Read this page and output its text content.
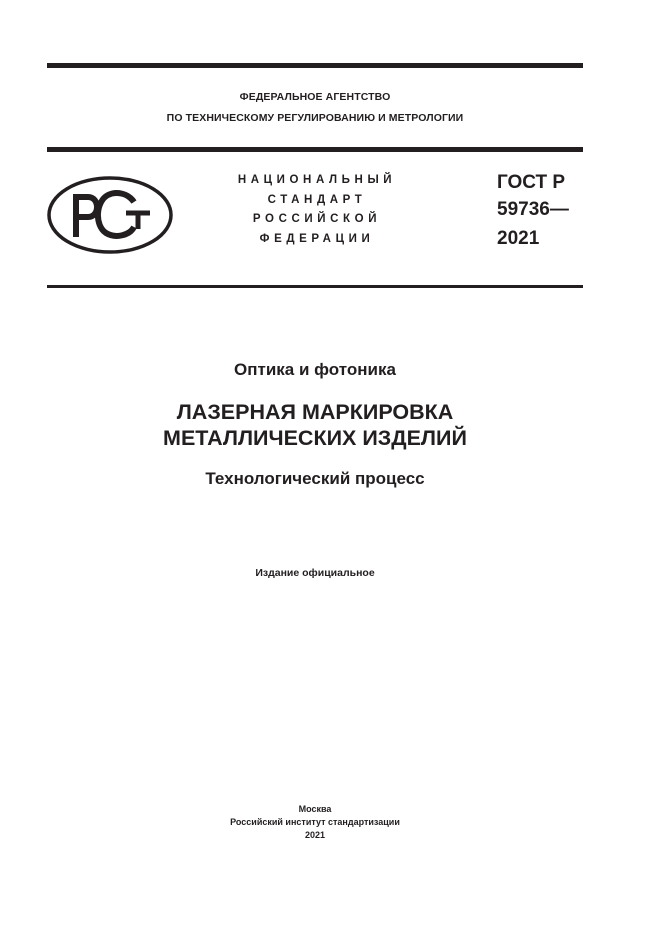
ФЕДЕРАЛЬНОЕ АГЕНТСТВО
ПО ТЕХНИЧЕСКОМУ РЕГУЛИРОВАНИЮ И МЕТРОЛОГИИ
НАЦИОНАЛЬНЫЙ
СТАНДАРТ
РОССИЙСКОЙ
ФЕДЕРАЦИИ
ГОСТ Р
59736—
2021
Оптика и фотоника
ЛАЗЕРНАЯ МАРКИРОВКА
МЕТАЛЛИЧЕСКИХ ИЗДЕЛИЙ
Технологический процесс
Издание официальное
Москва
Российский институт стандартизации
2021
